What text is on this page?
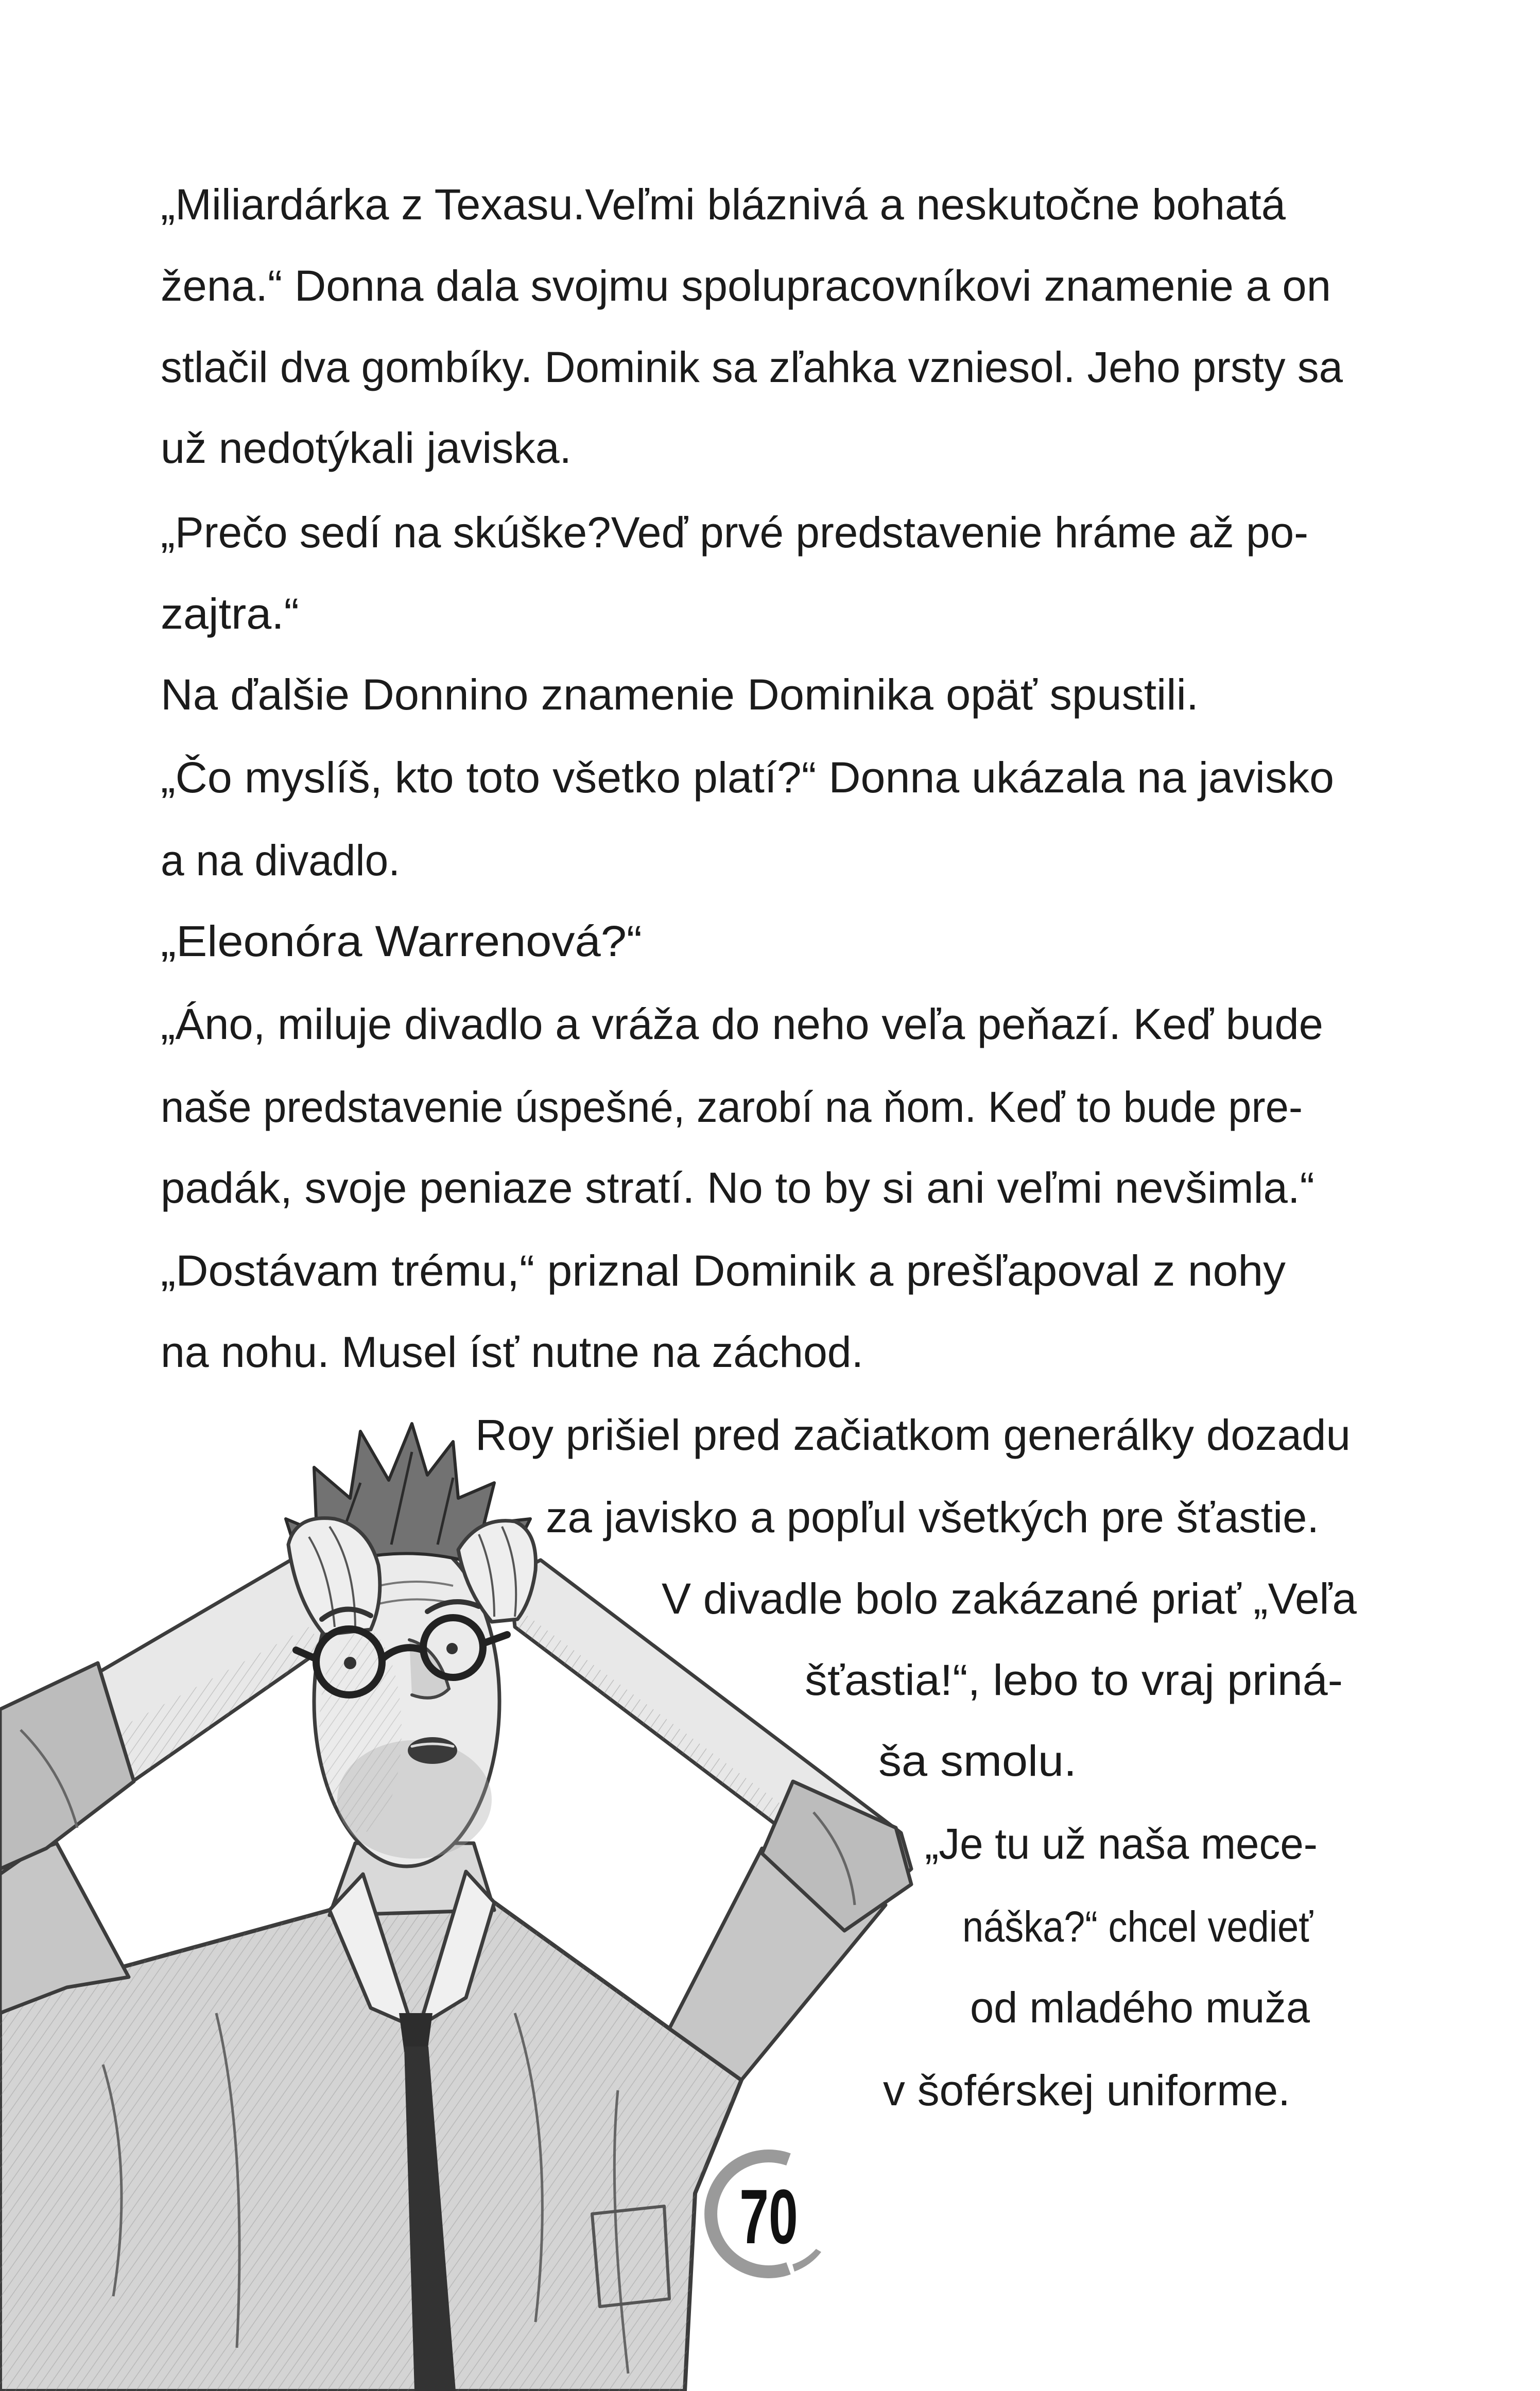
„Miliardárka z Texasu.Veľmi bláznivá a neskutočne bohatá
žena.“ Donna dala svojmu spolupracovníkovi znamenie a on
stlačil dva gombíky. Dominik sa zľahka vzniesol. Jeho prsty sa
už nedotýkali javiska.
„Prečo sedí na skúške?Veď prvé predstavenie hráme až po-
zajtra.“
Na ďalšie Donnino znamenie Dominika opäť spustili.
„Čo myslíš, kto toto všetko platí?“ Donna ukázala na javisko
a na divadlo.
„Eleonóra Warrenová?“
„Áno, miluje divadlo a vráža do neho veľa peňazí. Keď bude
naše predstavenie úspešné, zarobí na ňom. Keď to bude pre-
padák, svoje peniaze stratí. No to by si ani veľmi nevšimla.“
„Dostávam trému,“ priznal Dominik a prešľapoval z nohy
na nohu. Musel ísť nutne na záchod.
Roy prišiel pred začiatkom generálky dozadu
za javisko a popľul všetkých pre šťastie.
V divadle bolo zakázané priať „Veľa
šťastia!“, lebo to vraj priná-
ša smolu.
„Je tu už naša mece-
náška?“ chcel vedieť
od mladého muža
v šoférskej uniforme.
70
